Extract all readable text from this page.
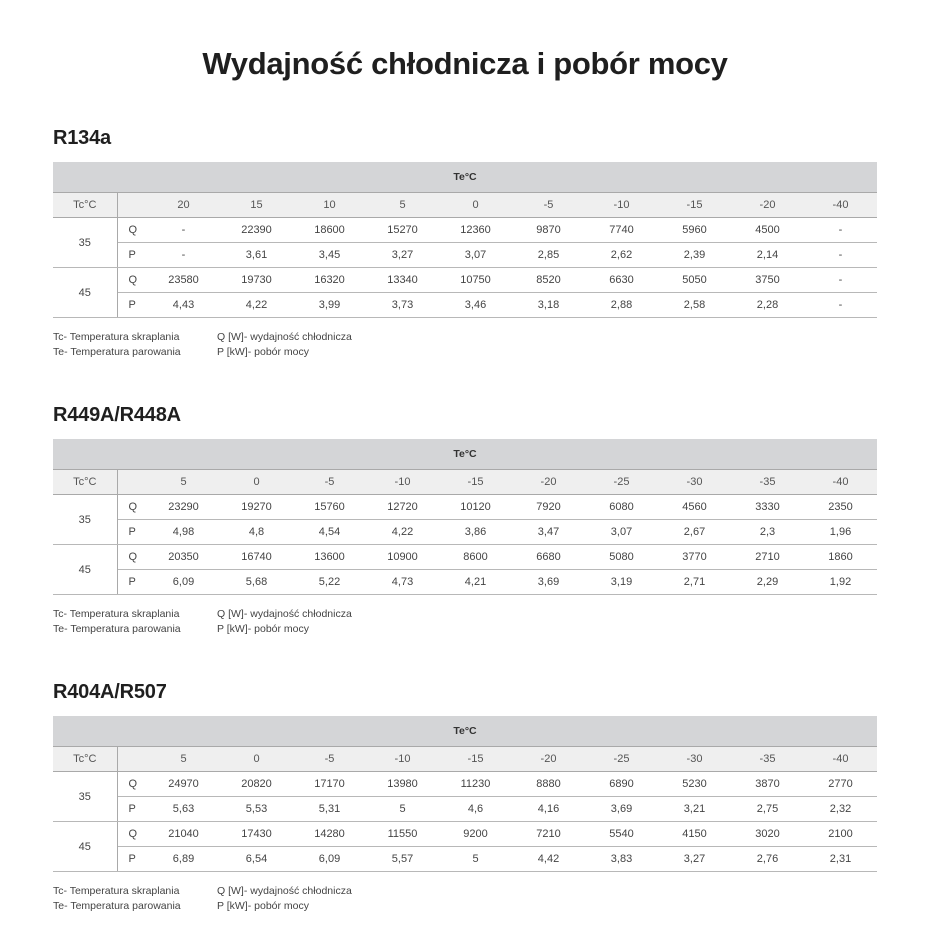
Wydajność chłodnicza i pobór mocy
R134a
Te°C											
Tc°C		20	15	10	5	0	-5	-10	-15	-20	-40
35	Q	-	22390	18600	15270	12360	9870	7740	5960	4500	-
	P	-	3,61	3,45	3,27	3,07	2,85	2,62	2,39	2,14	-
45	Q	23580	19730	16320	13340	10750	8520	6630	5050	3750	-
	P	4,43	4,22	3,99	3,73	3,46	3,18	2,88	2,58	2,28	-
Tc- Temperatura skraplania	Q [W]- wydajność chłodnicza
Te- Temperatura parowania	P [kW]- pobór mocy
R449A/R448A
Te°C											
Tc°C		5	0	-5	-10	-15	-20	-25	-30	-35	-40
35	Q	23290	19270	15760	12720	10120	7920	6080	4560	3330	2350
	P	4,98	4,8	4,54	4,22	3,86	3,47	3,07	2,67	2,3	1,96
45	Q	20350	16740	13600	10900	8600	6680	5080	3770	2710	1860
	P	6,09	5,68	5,22	4,73	4,21	3,69	3,19	2,71	2,29	1,92
Tc- Temperatura skraplania	Q [W]- wydajność chłodnicza
Te- Temperatura parowania	P [kW]- pobór mocy
R404A/R507
Te°C											
Tc°C		5	0	-5	-10	-15	-20	-25	-30	-35	-40
35	Q	24970	20820	17170	13980	11230	8880	6890	5230	3870	2770
	P	5,63	5,53	5,31	5	4,6	4,16	3,69	3,21	2,75	2,32
45	Q	21040	17430	14280	11550	9200	7210	5540	4150	3020	2100
	P	6,89	6,54	6,09	5,57	5	4,42	3,83	3,27	2,76	2,31
Tc- Temperatura skraplania	Q [W]- wydajność chłodnicza
Te- Temperatura parowania	P [kW]- pobór mocy
